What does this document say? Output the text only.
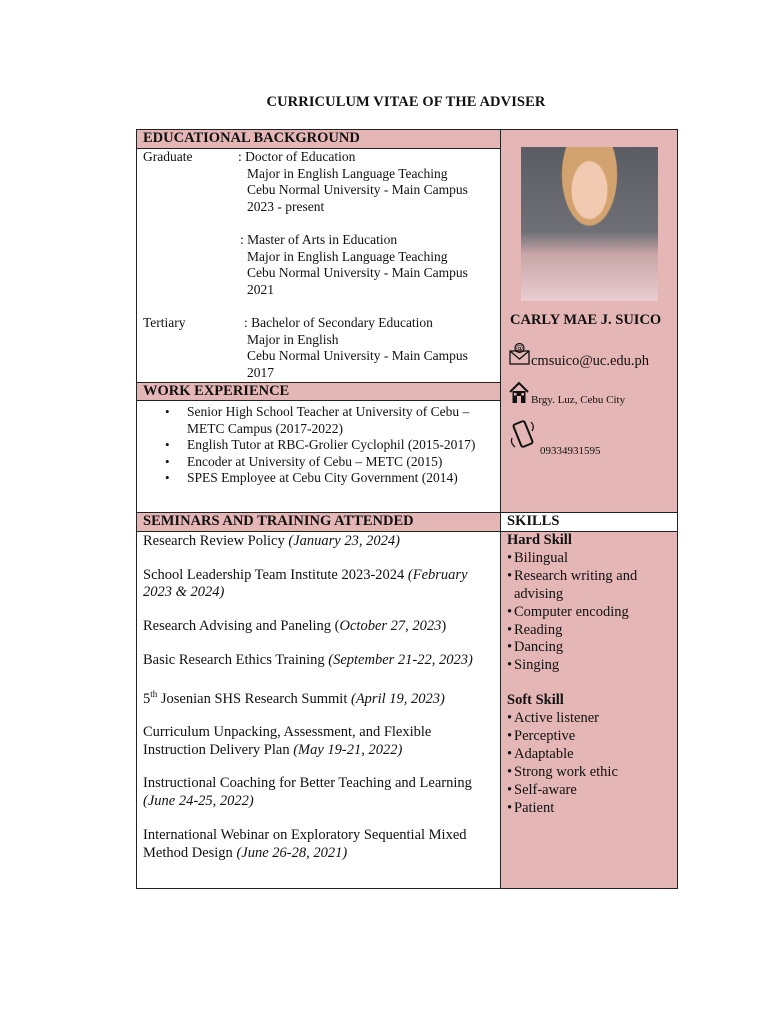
CURRICULUM VITAE OF THE ADVISER
EDUCATIONAL BACKGROUND
Graduate	: Doctor of Education
Major in English Language Teaching
Cebu Normal University - Main Campus
2023 - present
: Master of Arts in Education
Major in English Language Teaching
Cebu Normal University - Main Campus
2021
Tertiary	: Bachelor of Secondary Education
Major in English
Cebu Normal University - Main Campus
2017
WORK EXPERIENCE
• Senior High School Teacher at University of Cebu – METC Campus (2017-2022)
• English Tutor at RBC-Grolier Cyclophil (2015-2017)
• Encoder at University of Cebu – METC (2015)
• SPES Employee at Cebu City Government (2014)
CARLY MAE J. SUICO
@
cmsuico@uc.edu.ph
Brgy. Luz, Cebu City
09334931595
SEMINARS AND TRAINING ATTENDED
Research Review Policy (January 23, 2024)
School Leadership Team Institute 2023-2024 (February 2023 & 2024)
Research Advising and Paneling (October 27, 2023)
Basic Research Ethics Training (September 21-22, 2023)
5th Josenian SHS Research Summit (April 19, 2023)
Curriculum Unpacking, Assessment, and Flexible Instruction Delivery Plan (May 19-21, 2022)
Instructional Coaching for Better Teaching and Learning (June 24-25, 2022)
International Webinar on Exploratory Sequential Mixed Method Design (June 26-28, 2021)
SKILLS
Hard Skill
• Bilingual
• Research writing and advising
• Computer encoding
• Reading
• Dancing
• Singing
Soft Skill
• Active listener
• Perceptive
• Adaptable
• Strong work ethic
• Self-aware
• Patient
